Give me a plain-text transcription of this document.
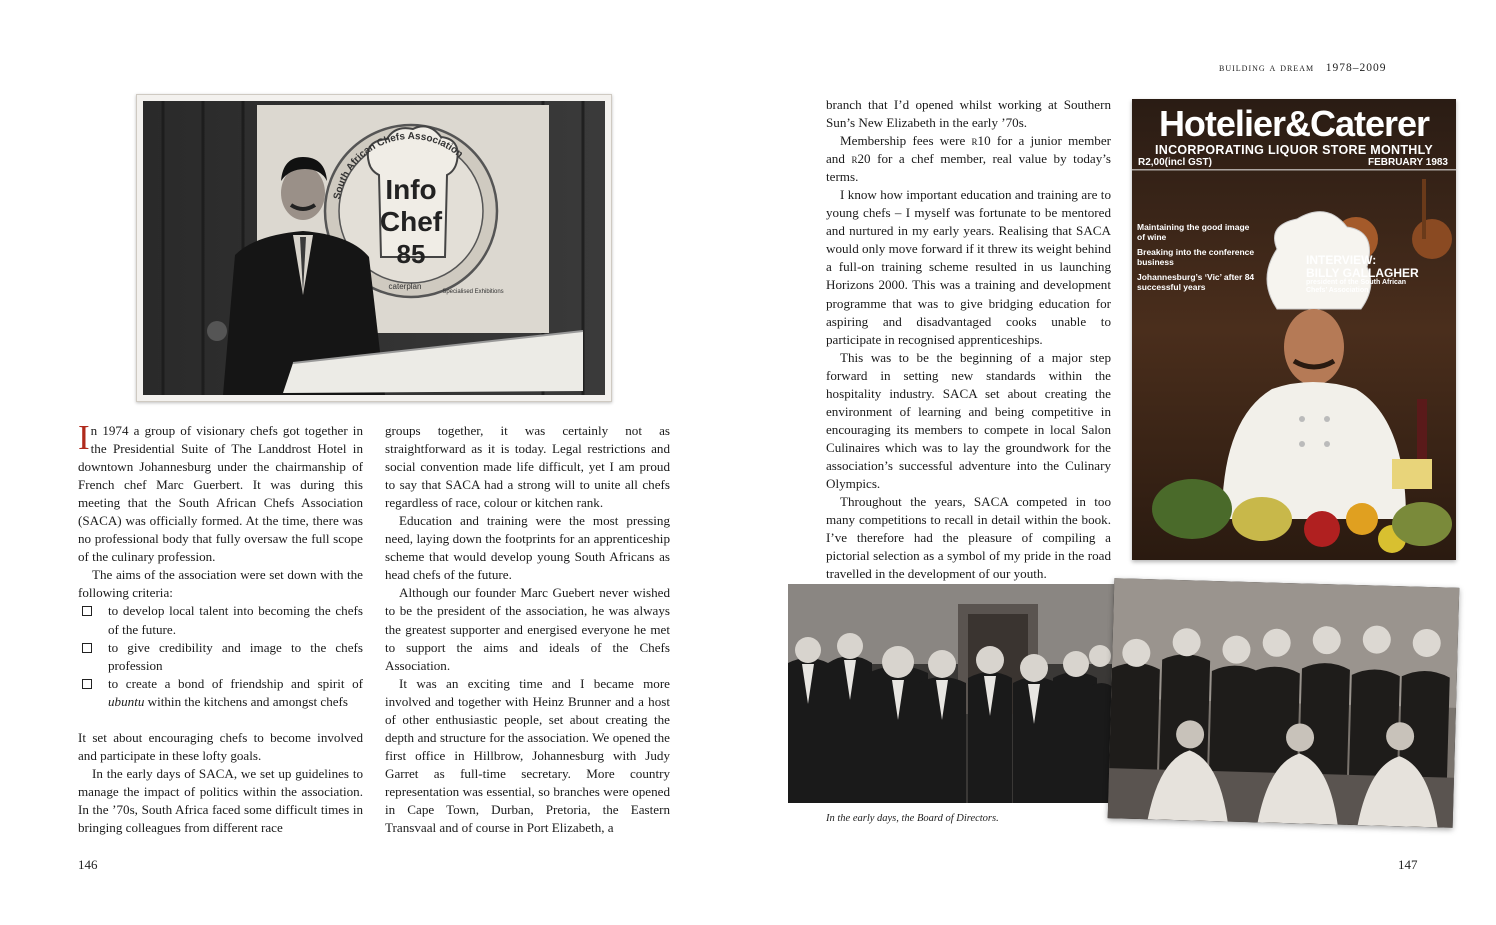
South African Chefs Association
Info
Chef
85
caterplan
Specialised Exhibitions

In 1974 a group of visionary chefs got together in the Presidential Suite of The Landdrost Hotel in downtown Johannesburg under the chairmanship of French chef Marc Guerbert. It was during this meeting that the South African Chefs Association (SACA) was officially formed. At the time, there was no professional body that fully oversaw the full scope of the culinary profession.

The aims of the association were set down with the following criteria:

to develop local talent into becoming the chefs of the future.
to give credibility and image to the chefs profession
to create a bond of friendship and spirit of ubuntu within the kitchens and amongst chefs

It set about encouraging chefs to become involved and participate in these lofty goals.

In the early days of SACA, we set up guidelines to manage the impact of politics within the association. In the ’70s, South Africa faced some difficult times in bringing colleagues from different race

groups together, it was certainly not as straightforward as it is today. Legal restrictions and social convention made life difficult, yet I am proud to say that SACA had a strong will to unite all chefs regardless of race, colour or kitchen rank.

Education and training were the most pressing need, laying down the footprints for an apprenticeship scheme that would develop young South Africans as head chefs of the future.

Although our founder Marc Guebert never wished to be the president of the association, he was always the greatest supporter and energised everyone he met to support the aims and ideals of the Chefs Association.

It was an exciting time and I became more involved and together with Heinz Brunner and a host of other enthusiastic people, set about creating the depth and structure for the association. We opened the first office in Hillbrow, Johannesburg with Judy Garret as full-time secretary. More country representation was essential, so branches were opened in Cape Town, Durban, Pretoria, the Eastern Transvaal and of course in Port Elizabeth, a

146
building a dream 1978–2009

branch that I’d opened whilst working at Southern Sun’s New Elizabeth in the early ’70s.

Membership fees were r10 for a junior member and r20 for a chef member, real value by today’s terms.

I know how important education and training are to young chefs – I myself was fortunate to be mentored and nurtured in my early years. Realising that SACA would only move forward if it threw its weight behind a full-on training scheme resulted in us launching Horizons 2000. This was a training and development programme that was to give bridging education for aspiring and disadvantaged cooks unable to participate in recognised apprenticeships.

This was to be the beginning of a major step forward in setting new standards within the hospitality industry. SACA set about creating the environment of learning and being competitive in encouraging its members to compete in local Salon Culinaires which was to lay the groundwork for the association’s successful adventure into the Culinary Olympics.

Throughout the years, SACA competed in too many competitions to recall in detail within the book. I’ve therefore had the pleasure of compiling a pictorial selection as a symbol of my pride in the road travelled in the development of our youth.

Hotelier&Caterer
INCORPORATING LIQUOR STORE MONTHLY
R2,00(incl GST)	FEBRUARY 1983
Maintaining the good image of wine
Breaking into the conference business
Johannesburg’s ‘Vic’ after 84 successful years
INTERVIEW:
BILLY GALLAGHER
president of the South African Chefs’ Association
In the early days, the Board of Directors.
147
